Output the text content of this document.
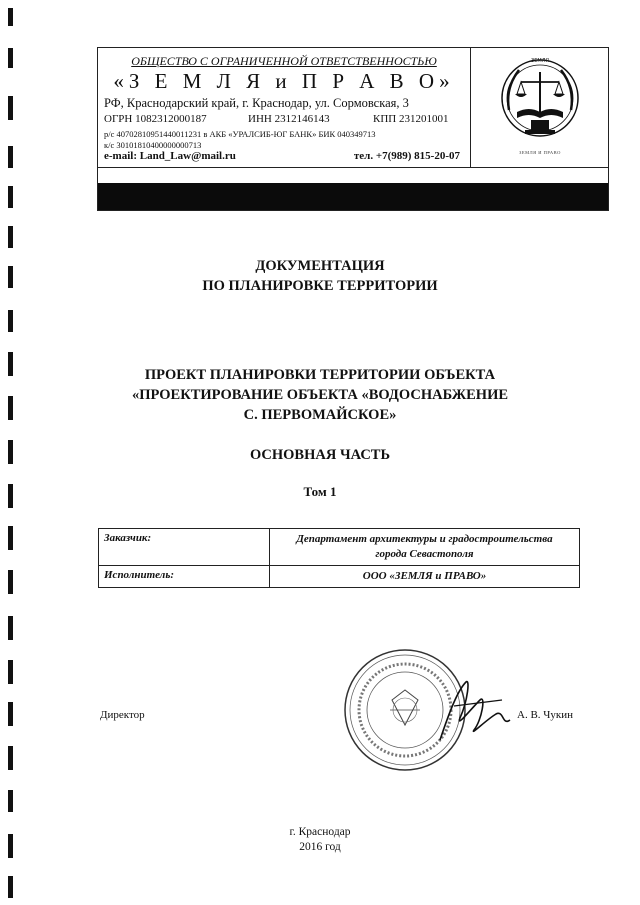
ОБЩЕСТВО С ОГРАНИЧЕННОЙ ОТВЕТСТВЕННОСТЬЮ
«З Е М Л Я и П Р А В О»
РФ, Краснодарский край, г. Краснодар, ул. Сормовская, 3
ОГРН 1082312000187	ИНН 2312146143	КПП 231201001
р/с 40702810951440011231 в АКБ «УРАЛСИБ-ЮГ БАНК» БИК 040349713
к/с 30101810400000000713
e-mail: Land_Law@mail.ru	тел. +7(989) 815-20-07
ЗЕМЛЯ
ЗЕМЛЯ И ПРАВО
ДОКУМЕНТАЦИЯ
ПО ПЛАНИРОВКЕ ТЕРРИТОРИИ
ПРОЕКТ ПЛАНИРОВКИ ТЕРРИТОРИИ ОБЪЕКТА
«ПРОЕКТИРОВАНИЕ ОБЪЕКТА «ВОДОСНАБЖЕНИЕ
С. ПЕРВОМАЙСКОЕ»
ОСНОВНАЯ ЧАСТЬ
Том 1
Заказчик:	Департамент архитектуры и градостроительства
города Севастополя

Исполнитель:	ООО «ЗЕМЛЯ и ПРАВО»
Директор	А. В. Чукин
г. Краснодар
2016 год
